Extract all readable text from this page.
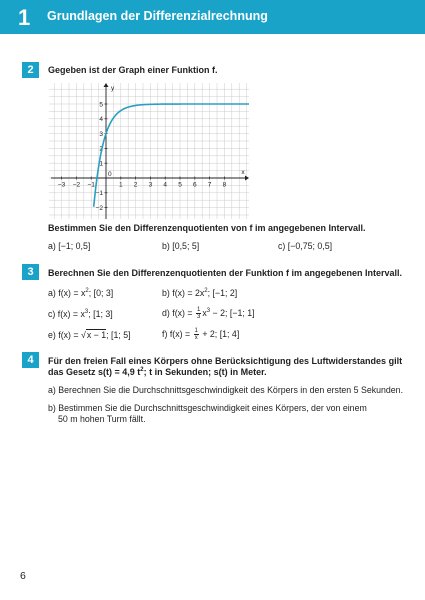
1 Grundlagen der Differenzialrechnung
2	Gegeben ist der Graph einer Funktion f.
−3 −2 −1	1 2 3 4 5 6 7 8
5
4
3
2
1
−1
−2
0	x
y
Bestimmen Sie den Differenzenquotienten von f im angegebenen Intervall.
a) [−1; 0,5]	b) [0,5; 5]	c) [−0,75; 0,5]
3	Berechnen Sie den Differenzenquotienten der Funktion f im angegebenen Intervall.
a) $f(x) = x^2$; [0; 3]	b) $f(x) = 2x^2$; [−1; 2]
c) $f(x) = x^3$; [1; 3]	d) $f(x) = \frac{1}{3} x^3 - 2$; [−1; 1]
e) f(x) = √x − 1; [1; 5]	f) $f(x) = \frac{1}{x} + 2$; [1; 4]
4	Für den freien Fall eines Körpers ohne Berücksichtigung des Luftwiderstandes gilt
das Gesetz s(t) = 4,9 $t^2$; t in Sekunden; s(t) in Meter.
a) Berechnen Sie die Durchschnittsgeschwindigkeit des Körpers in den ersten 5 Sekunden.
b) Bestimmen Sie die Durchschnittsgeschwindigkeit eines Körpers, der von einem
50 m hohen Turm fällt.
6
